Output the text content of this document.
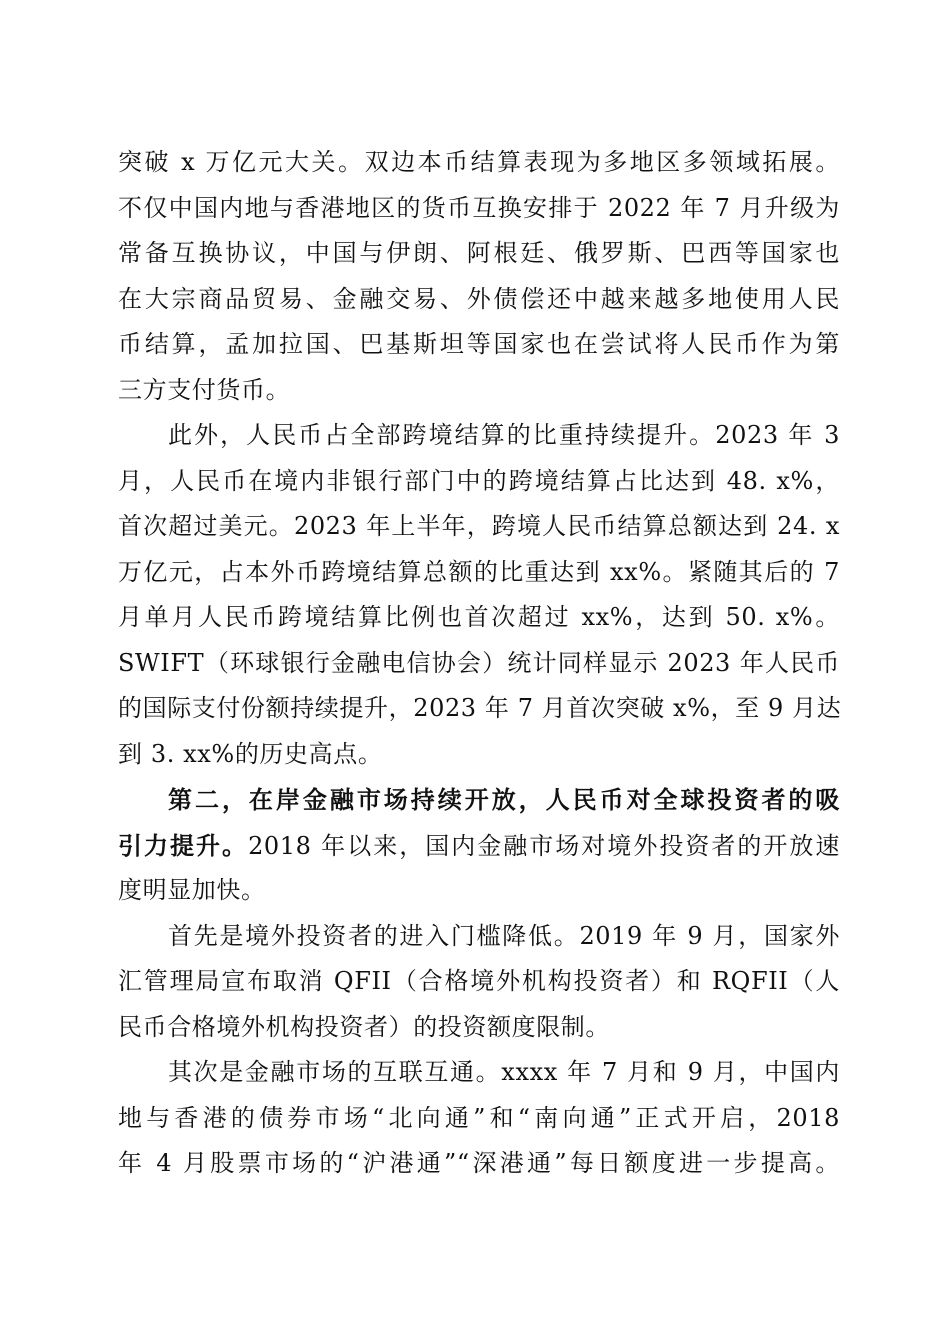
突破 x 万亿元大关。双边本币结算表现为多地区多领域拓展。
不仅中国内地与香港地区的货币互换安排于 2022 年 7 月升级为
常备互换协议，中国与伊朗、阿根廷、俄罗斯、巴西等国家也
在大宗商品贸易、金融交易、外债偿还中越来越多地使用人民
币结算，孟加拉国、巴基斯坦等国家也在尝试将人民币作为第
三方支付货币。
此外，人民币占全部跨境结算的比重持续提升。2023 年 3
月，人民币在境内非银行部门中的跨境结算占比达到 48. x%，
首次超过美元。2023 年上半年，跨境人民币结算总额达到 24. x
万亿元，占本外币跨境结算总额的比重达到 xx%。紧随其后的 7
月单月人民币跨境结算比例也首次超过 xx%，达到 50. x%。
SWIFT（环球银行金融电信协会）统计同样显示 2023 年人民币
的国际支付份额持续提升，2023 年 7 月首次突破 x%，至 9 月达
到 3. xx%的历史高点。
第二，在岸金融市场持续开放，人民币对全球投资者的吸
引力提升。2018 年以来，国内金融市场对境外投资者的开放速
度明显加快。
首先是境外投资者的进入门槛降低。2019 年 9 月，国家外
汇管理局宣布取消 QFII（合格境外机构投资者）和 RQFII（人
民币合格境外机构投资者）的投资额度限制。
其次是金融市场的互联互通。xxxx 年 7 月和 9 月，中国内
地与香港的债券市场“北向通”和“南向通”正式开启，2018
年 4 月股票市场的“沪港通”“深港通”每日额度进一步提高。
